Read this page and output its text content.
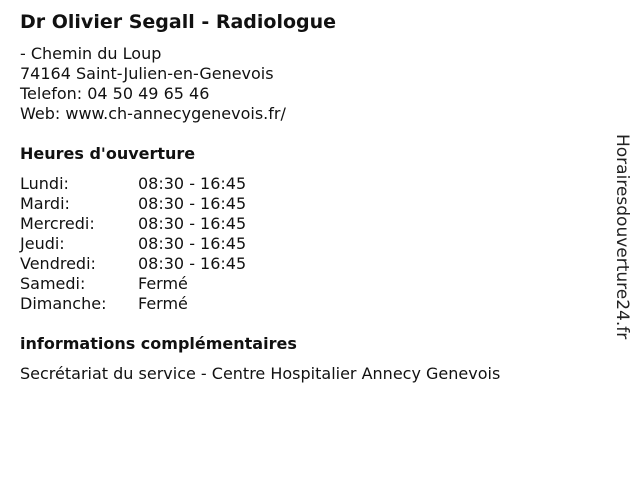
Dr Olivier Segall - Radiologue
- Chemin du Loup
74164 Saint-Julien-en-Genevois
Telefon: 04 50 49 65 46
Web: www.ch-annecygenevois.fr/
Heures d'ouverture
Lundi:	08:30 - 16:45
Mardi:	08:30 - 16:45
Mercredi:	08:30 - 16:45
Jeudi:	08:30 - 16:45
Vendredi:	08:30 - 16:45
Samedi:	Fermé
Dimanche: Fermé
informations complémentaires
Secrétariat du service - Centre Hospitalier Annecy Genevois
Horairesdouverture24.fr
